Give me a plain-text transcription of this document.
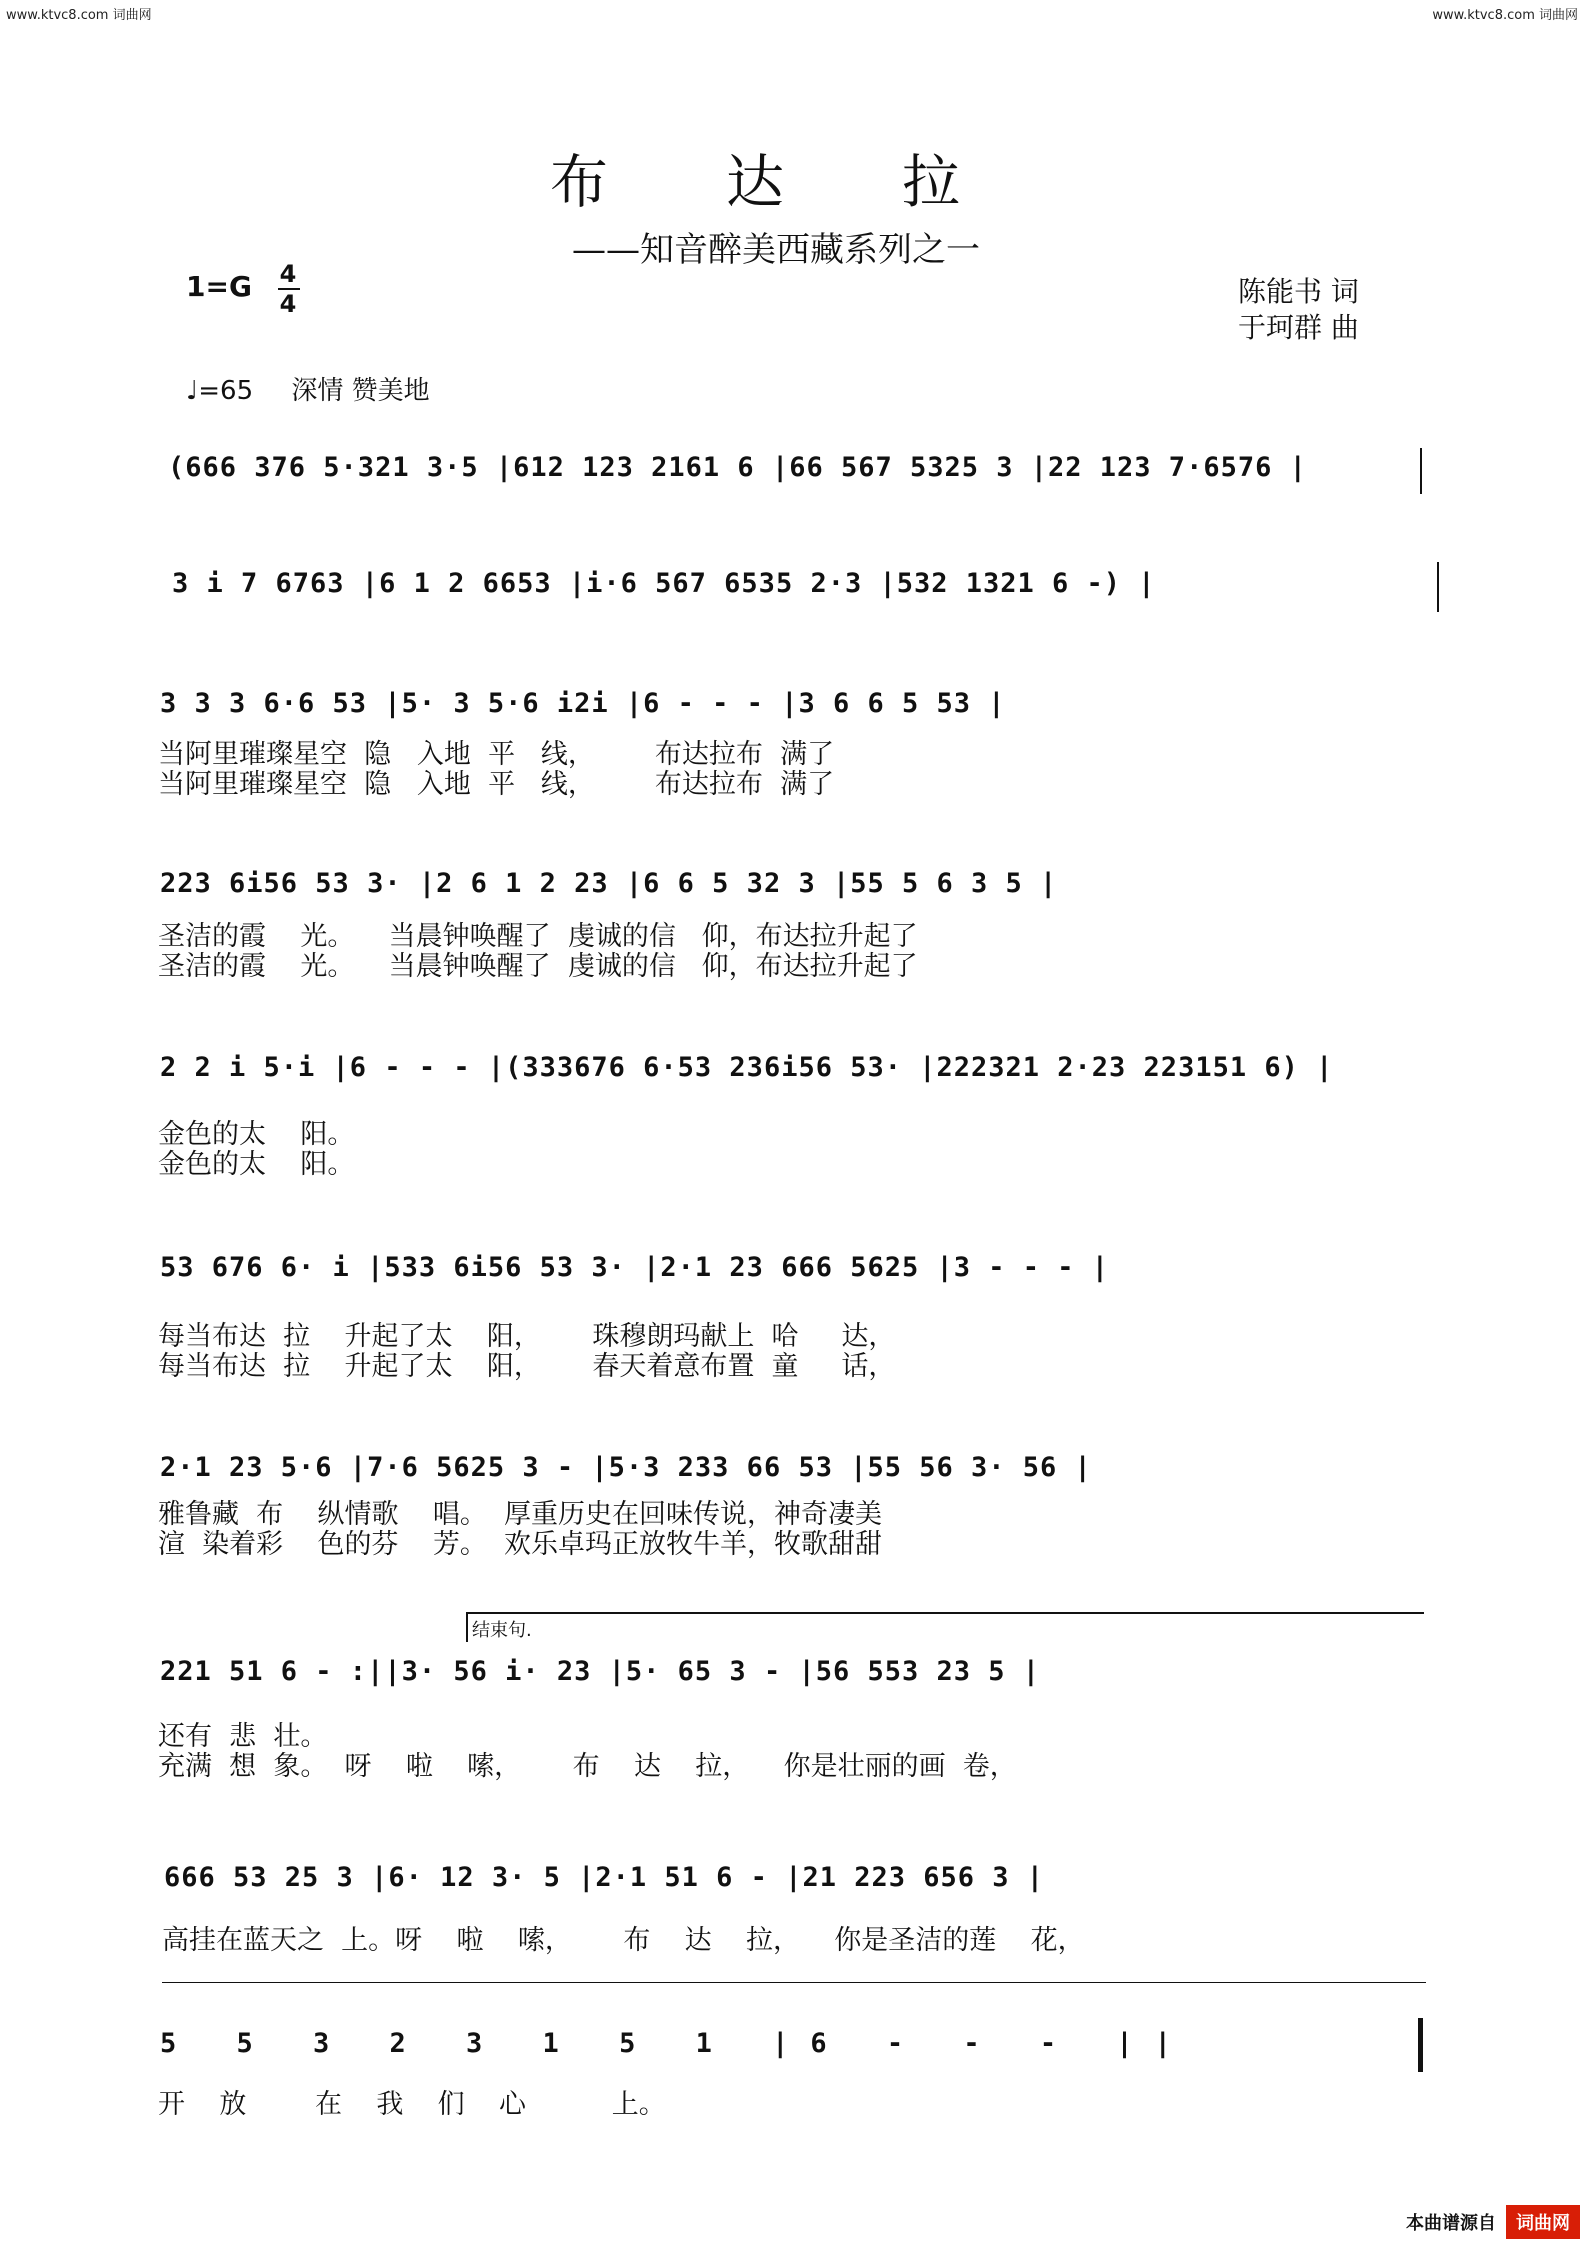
www.ktvc8.com 词曲网	www.ktvc8.com 词曲网
布达拉
——知音醉美西藏系列之一
1=G 4
4	陈能书 词
于珂群 曲
♩=65 深情 赞美地
(666 376 5·321 3·5 |612 123 2161 6 |66 567 5325 3 |22 123 7·6576 |
3 i 7 6763 |6 1 2 6653 |i·6 567 6535 2·3 |532 1321 6 -) |
3 3 3 6·6 53 |5· 3 5·6 i2i |6 - - - |3 6 6 5 53 |
当阿里璀璨星空  隐   入地  平   线，       布达拉布  满了
当阿里璀璨星空  隐   入地  平   线，       布达拉布  满了
223 6i56 53 3· |2 6 1 2 23 |6 6 5 32 3 |55 5 6 3 5 |
圣洁的霞    光。    当晨钟唤醒了  虔诚的信   仰，布达拉升起了
圣洁的霞    光。    当晨钟唤醒了  虔诚的信   仰，布达拉升起了
2 2 i 5·i |6 - - - |(333676 6·53 236i56 53· |222321 2·23 223151 6) |
金色的太    阳。
金色的太    阳。
53 676 6· i |533 6i56 53 3· |2·1 23 666 5625 |3 - - - |
每当布达  拉    升起了太    阳，      珠穆朗玛献上  哈     达，
每当布达  拉    升起了太    阳，      春天着意布置  童     话，
2·1 23 5·6 |7·6 5625 3 - |5·3 233 66 53 |55 56 3· 56 |
雅鲁藏  布    纵情歌    唱。  厚重历史在回味传说，神奇凄美
渲  染着彩    色的芬    芳。  欢乐卓玛正放牧牛羊，牧歌甜甜
结束句.
221 51 6 - :||3· 56 i· 23 |5· 65 3 - |56 553 23 5 |
还有  悲  壮。
充满  想  象。  呀    啦    嗦，      布    达    拉，    你是壮丽的画  卷，
666 53 25 3 |6· 12 3· 5 |2·1 51 6 - |21 223 656 3 |
高挂在蓝天之  上。呀    啦    嗦，      布    达    拉，    你是圣洁的莲    花，
5 5 3 2 3 1 5 1 |6 - - - ||
开    放        在    我    们    心          上。
本曲谱源自	词曲网
